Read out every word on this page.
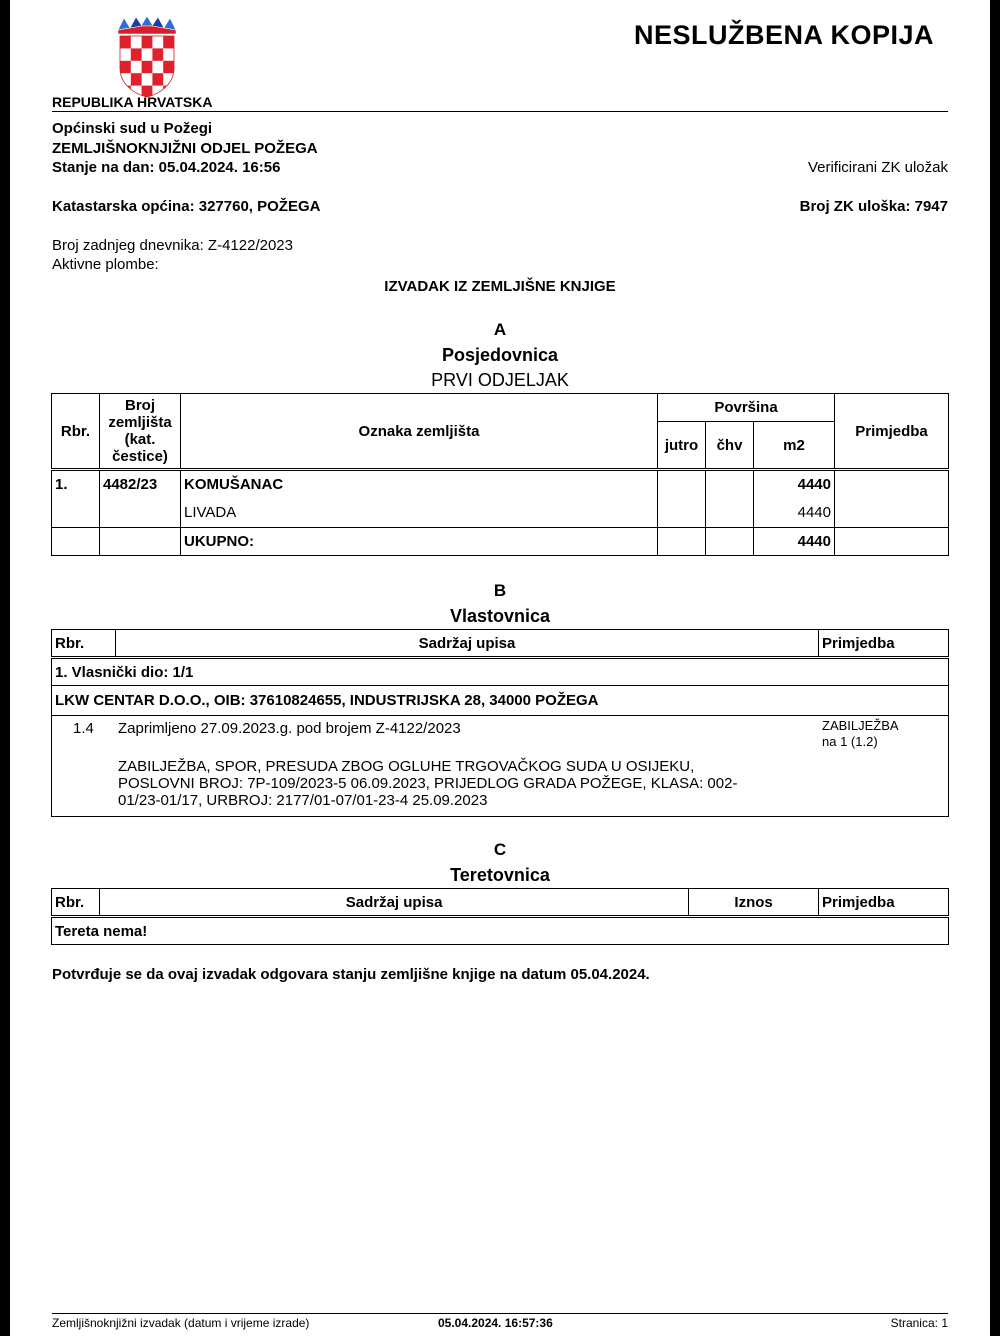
NESLUŽBENA KOPIJA
REPUBLIKA HRVATSKA
Općinski sud u Požegi
ZEMLJIŠNOKNJIŽNI ODJEL POŽEGA
Stanje na dan: 05.04.2024. 16:56	Verificirani ZK uložak
Katastarska općina: 327760, POŽEGA	Broj ZK uloška: 7947
Broj zadnjeg dnevnika: Z-4122/2023
Aktivne plombe:
IZVADAK IZ ZEMLJIŠNE KNJIGE
A
Posjedovnica
PRVI ODJELJAK
Rbr.	Broj
zemljišta
(kat.
čestice)	Oznaka zemljišta	Površina			Primjedba
			jutro	čhv	m2	
1.	4482/23	KOMUŠANAC			4440	
		LIVADA			4440	
		UKUPNO:			4440	
B
Vlastovnica
Rbr.	Sadržaj upisa	Primjedba
1. Vlasnički dio: 1/1
LKW CENTAR D.O.O., OIB: 37610824655, INDUSTRIJSKA 28, 34000 POŽEGA

1.4 Zaprimljeno 27.09.2023.g. pod brojem Z-4122/2023	ZABILJEŽBA
na 1 (1.2)
ZABILJEŽBA, SPOR, PRESUDA ZBOG OGLUHE TRGOVAČKOG SUDA U OSIJEKU,
POSLOVNI BROJ: 7P-109/2023-5 06.09.2023, PRIJEDLOG GRADA POŽEGE, KLASA: 002-
01/23-01/17, URBROJ: 2177/01-07/01-23-4 25.09.2023
C
Teretovnica
Rbr.	Sadržaj upisa	Iznos	Primjedba
Tereta nema!
Potvrđuje se da ovaj izvadak odgovara stanju zemljišne knjige na datum 05.04.2024.
Zemljišnoknjižni izvadak (datum i vrijeme izrade)	05.04.2024. 16:57:36	Stranica: 1
